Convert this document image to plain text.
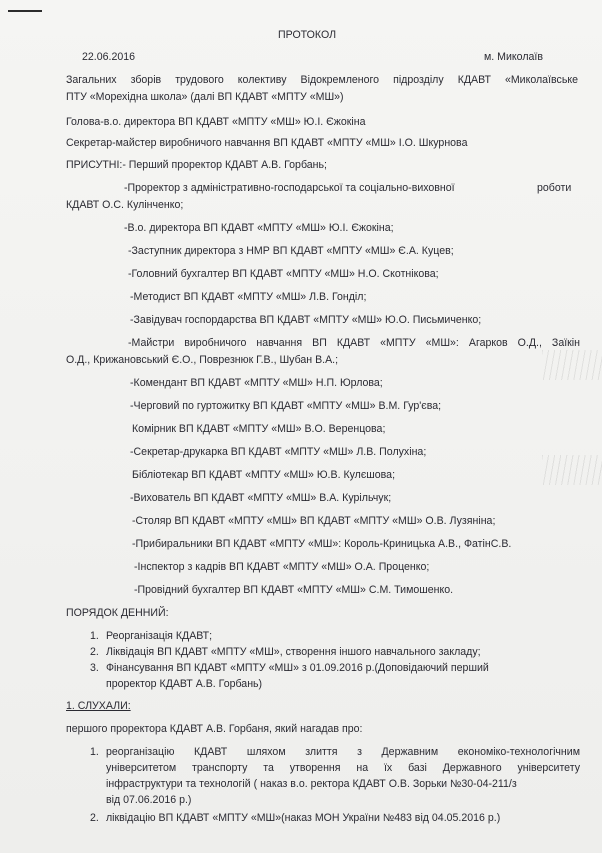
ПРОТОКОЛ
22.06.2016	м. Миколаїв
Загальних зборів трудового колективу Відокремленого підрозділу КДАВТ «Миколаївське
ПТУ «Морехідна школа» (далі ВП КДАВТ «МПТУ «МШ»)
Голова-в.о. директора ВП КДАВТ «МПТУ «МШ» Ю.І. Єжокіна
Секретар-майстер виробничого навчання ВП КДАВТ «МПТУ «МШ» І.О. Шкурнова
ПРИСУТНІ:- Перший проректор КДАВТ А.В. Горбань;
-Проректор з адміністративно-господарської та соціально-виховної	роботи
КДАВТ О.С. Кулінченко;
-В.о. директора ВП КДАВТ «МПТУ «МШ» Ю.І. Єжокіна;
-Заступник директора з НМР ВП КДАВТ «МПТУ «МШ» Є.А. Куцев;
-Головний бухгалтер ВП КДАВТ «МПТУ «МШ» Н.О. Скотнікова;
-Методист ВП КДАВТ «МПТУ «МШ» Л.В. Гонділ;
-Завідувач госпордарства ВП КДАВТ «МПТУ «МШ» Ю.О. Письмиченко;
-Майстри виробничого навчання ВП КДАВТ «МПТУ «МШ»: Агарков О.Д., Заїкін
О.Д., Крижановський Є.О., Поврезнюк Г.В., Шубан В.А.;
-Комендант ВП КДАВТ «МПТУ «МШ» Н.П. Юрлова;
-Черговий по гуртожитку ВП КДАВТ «МПТУ «МШ» В.М. Гур'єва;
Комірник ВП КДАВТ «МПТУ «МШ» В.О. Веренцова;
-Секретар-друкарка ВП КДАВТ «МПТУ «МШ» Л.В. Полухіна;
Бібліотекар ВП КДАВТ «МПТУ «МШ» Ю.В. Кулєшова;
-Вихователь ВП КДАВТ «МПТУ «МШ» В.А. Курільчук;
-Столяр ВП КДАВТ «МПТУ «МШ» ВП КДАВТ «МПТУ «МШ» О.В. Лузяніна;
-Прибиральники ВП КДАВТ «МПТУ «МШ»: Король-Криницька А.В., ФатінС.В.
-Інспектор з кадрів ВП КДАВТ «МПТУ «МШ» О.А. Проценко;
-Провідний бухгалтер ВП КДАВТ «МПТУ «МШ» С.М. Тимошенко.
ПОРЯДОК ДЕННИЙ:
1. Реорганізація КДАВТ;
2. Ліквідація ВП КДАВТ «МПТУ «МШ», створення іншого навчального закладу;
3. Фінансування ВП КДАВТ «МПТУ «МШ» з 01.09.2016 р.(Доповідаючий перший
проректор КДАВТ А.В. Горбань)
1. СЛУХАЛИ:
першого проректора КДАВТ А.В. Горбаня, який нагадав про:
1. реорганізацію КДАВТ шляхом злиття з Державним економіко-технологічним
університетом транспорту та утворення на їх базі Державного університету
інфраструктури та технологій ( наказ в.о. ректора КДАВТ О.В. Зорьки №30-04-211/з
від 07.06.2016 р.)
2. ліквідацію ВП КДАВТ «МПТУ «МШ»(наказ МОН України №483 від 04.05.2016 р.)
